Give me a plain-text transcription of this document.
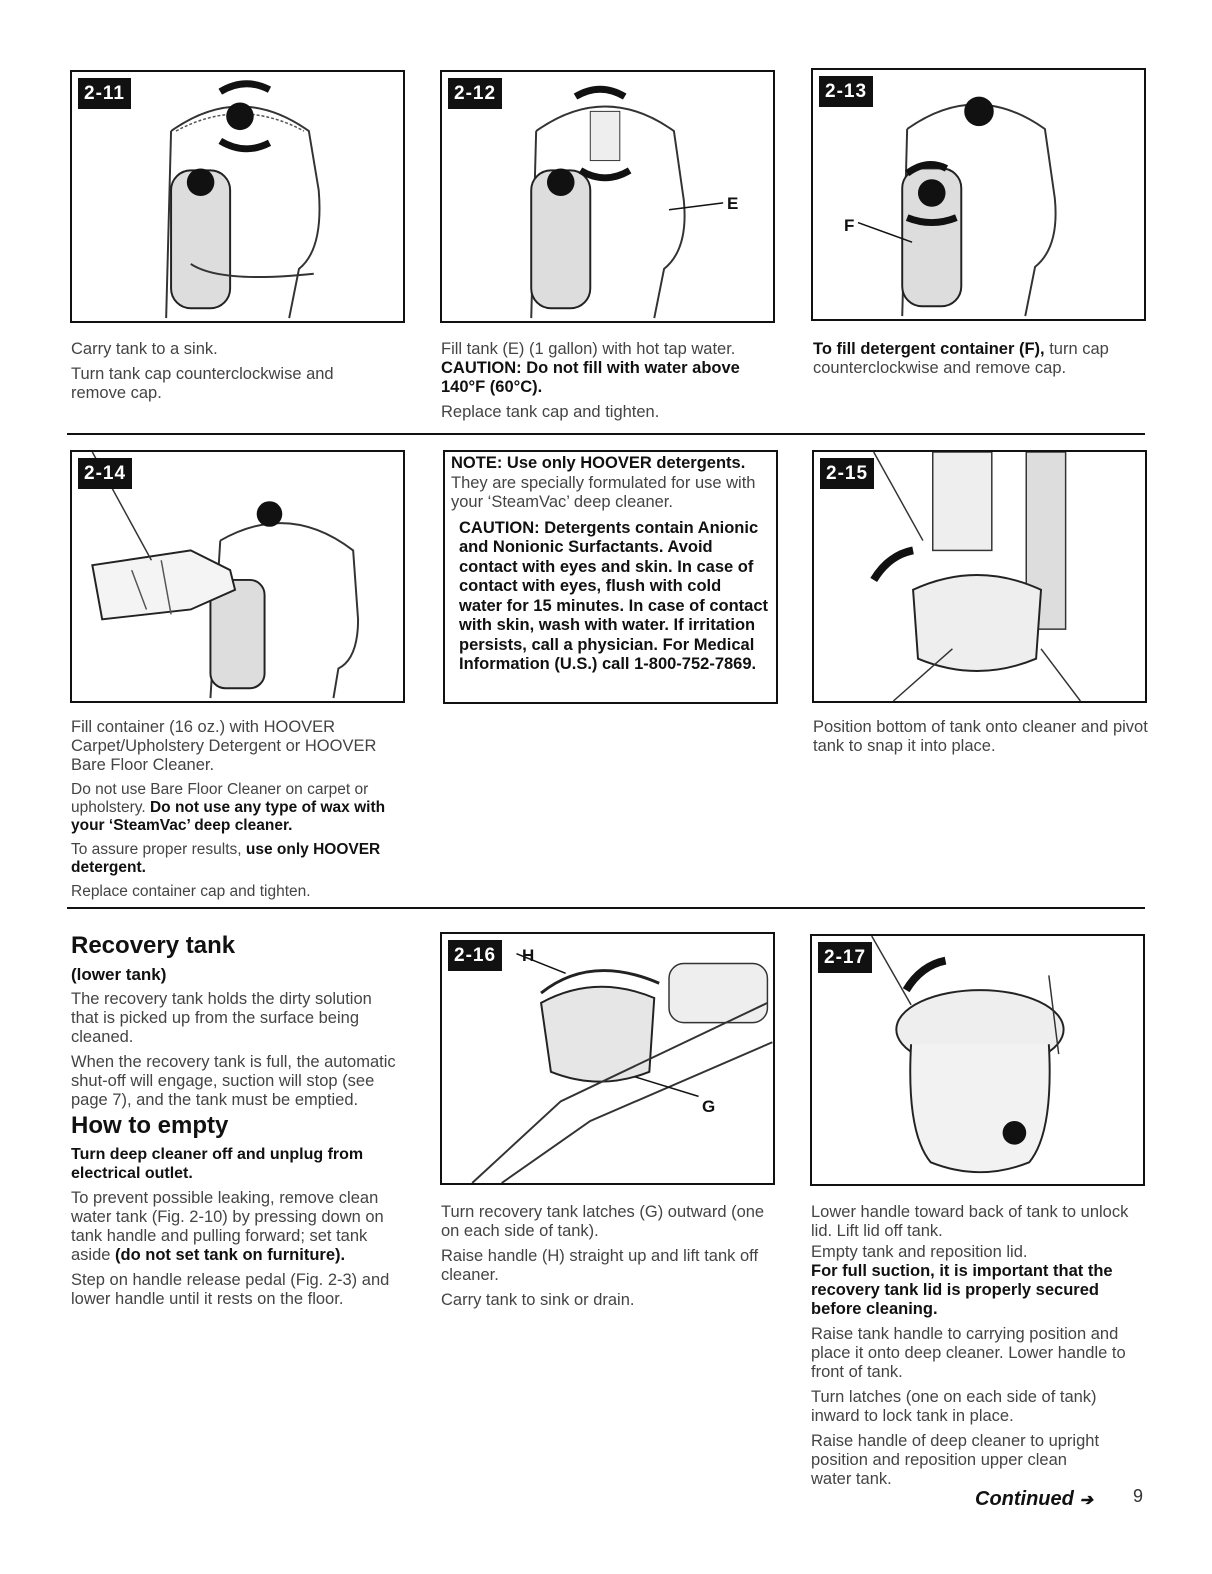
2-11	2-12
E
2-13
F

Carry tank to a sink.

Turn tank cap counterclockwise and remove cap.

Fill tank (E) (1 gallon) with hot tap water.

CAUTION: Do not fill with water above 140°F (60°C).

Replace tank cap and tighten.

To fill detergent container (F), turn cap counterclockwise and remove cap.

2-14	NOTE: Use only HOOVER detergents.

They are specially formulated for use with your ‘SteamVac’ deep cleaner.

CAUTION: Detergents contain Anionic and Nonionic Surfactants. Avoid contact with eyes and skin. In case of contact with eyes, flush with cold water for 15 minutes. In case of contact with skin, wash with water. If irritation persists, call a physician. For Medical Information (U.S.) call 1-800-752-7869.

2-15

Fill container (16 oz.) with HOOVER Carpet/Upholstery Detergent or HOOVER Bare Floor Cleaner.

Do not use Bare Floor Cleaner on carpet or upholstery. Do not use any type of wax with your ‘SteamVac’ deep cleaner.

To assure proper results, use only HOOVER detergent.

Replace container cap and tighten.

Position bottom of tank onto cleaner and pivot tank to snap it into place.

Recovery tank

(lower tank)

The recovery tank holds the dirty solution that is picked up from the surface being cleaned.

When the recovery tank is full, the automatic shut-off will engage, suction will stop (see page 7), and the tank must be emptied.

How to empty

Turn deep cleaner off and unplug from electrical outlet.

To prevent possible leaking, remove clean water tank (Fig. 2-10) by pressing down on tank handle and pulling forward; set tank aside (do not set tank on furniture).

Step on handle release pedal (Fig. 2-3) and lower handle until it rests on the floor.

2-16	H
G
2-17

Turn recovery tank latches (G) outward (one on each side of tank).

Raise handle (H) straight up and lift tank off cleaner.

Carry tank to sink or drain.

Lower handle toward back of tank to unlock lid. Lift lid off tank.

Empty tank and reposition lid.

For full suction, it is important that the recovery tank lid is properly secured before cleaning.

Raise tank handle to carrying position and place it onto deep cleaner. Lower handle to front of tank.

Turn latches (one on each side of tank) inward to lock tank in place.

Raise handle of deep cleaner to upright position and reposition upper clean water tank.

Continued ➔ 9
